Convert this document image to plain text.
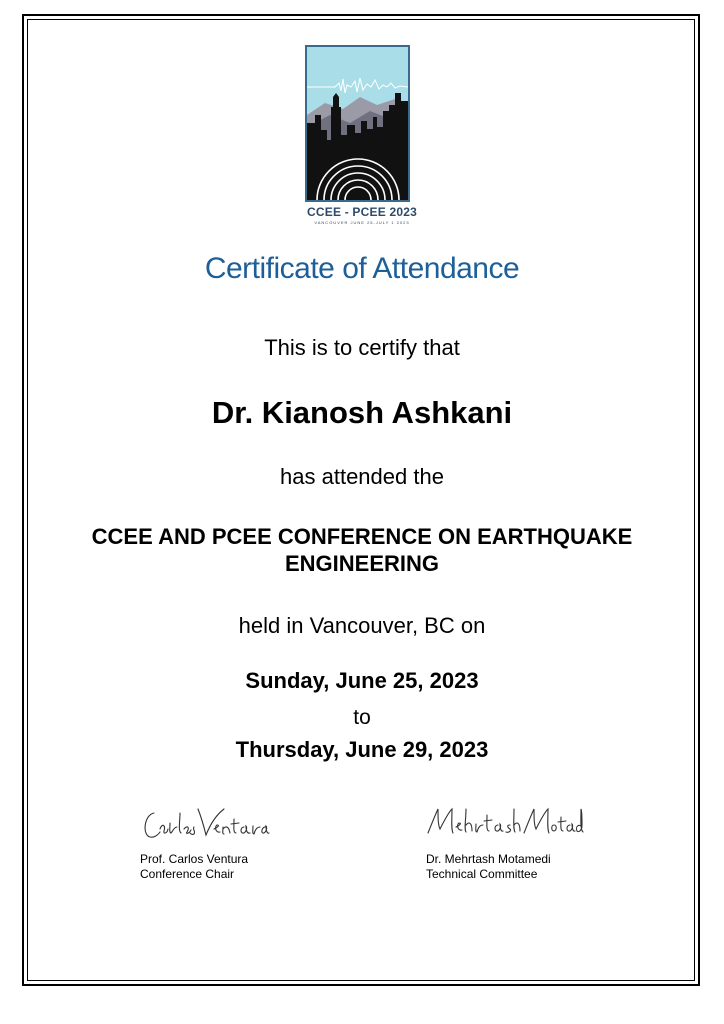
CCEE - PCEE 2023
VANCOUVER JUNE 25-JULY 1 2023
Certificate of Attendance
This is to certify that
Dr. Kianosh Ashkani
has attended the
CCEE AND PCEE CONFERENCE ON EARTHQUAKE
ENGINEERING
held in Vancouver, BC on
Sunday, June 25, 2023
to
Thursday, June 29, 2023
Prof. Carlos Ventura
Conference Chair
Dr. Mehrtash Motamedi
Technical Committee
